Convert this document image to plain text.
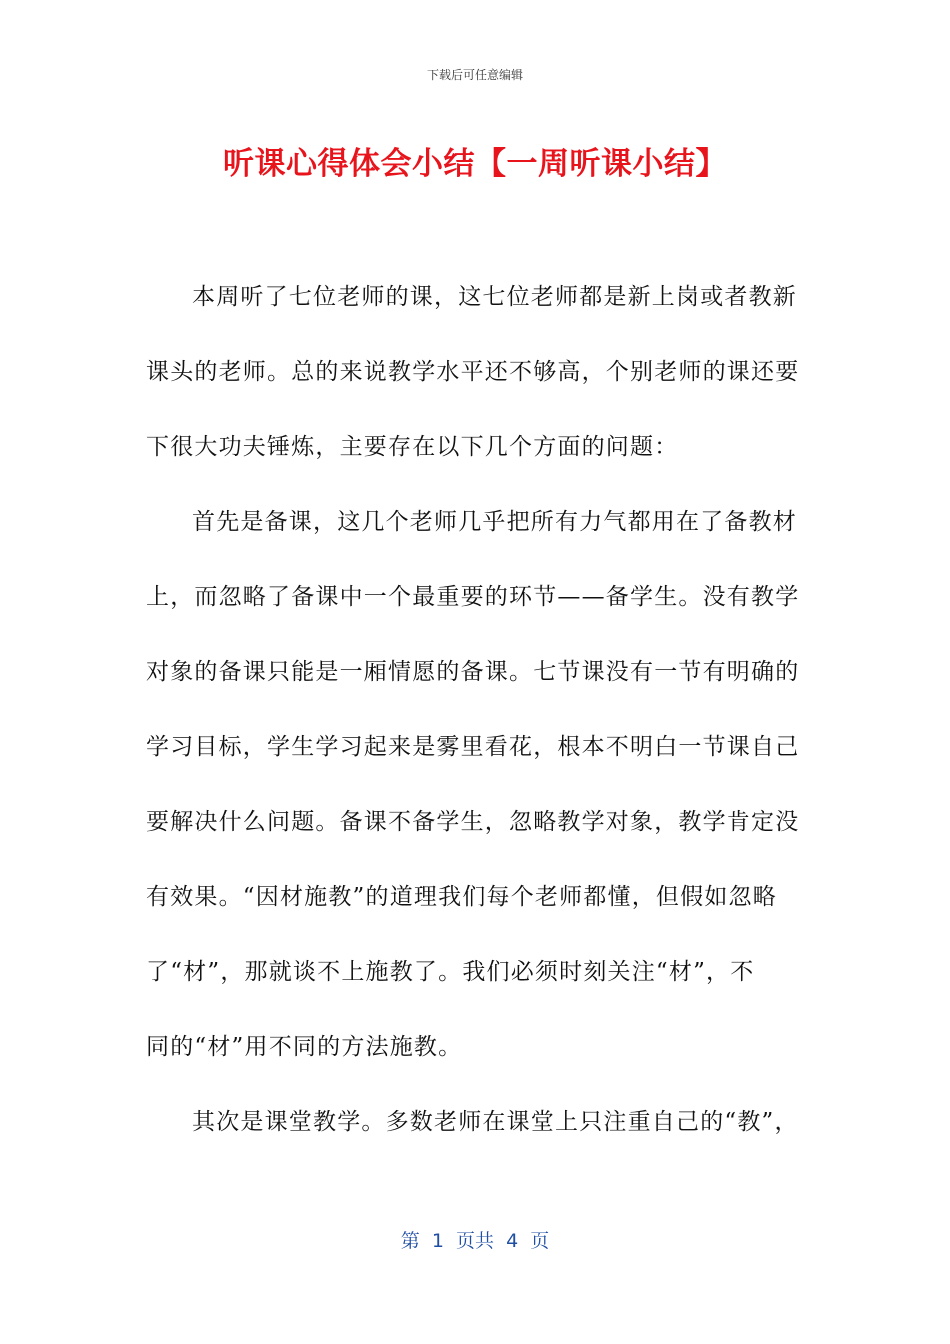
下载后可任意编辑
听课心得体会小结【一周听课小结】
本周听了七位老师的课，这七位老师都是新上岗或者教新
课头的老师。总的来说教学水平还不够高，个别老师的课还要
下很大功夫锤炼，主要存在以下几个方面的问题：
首先是备课，这几个老师几乎把所有力气都用在了备教材
上，而忽略了备课中一个最重要的环节——备学生。没有教学
对象的备课只能是一厢情愿的备课。七节课没有一节有明确的
学习目标，学生学习起来是雾里看花，根本不明白一节课自己
要解决什么问题。备课不备学生，忽略教学对象，教学肯定没
有效果。“因材施教”的道理我们每个老师都懂，但假如忽略
了“材”，那就谈不上施教了。我们必须时刻关注“材”，不
同的“材”用不同的方法施教。
其次是课堂教学。多数老师在课堂上只注重自己的“教”，
第  1  页共  4  页
